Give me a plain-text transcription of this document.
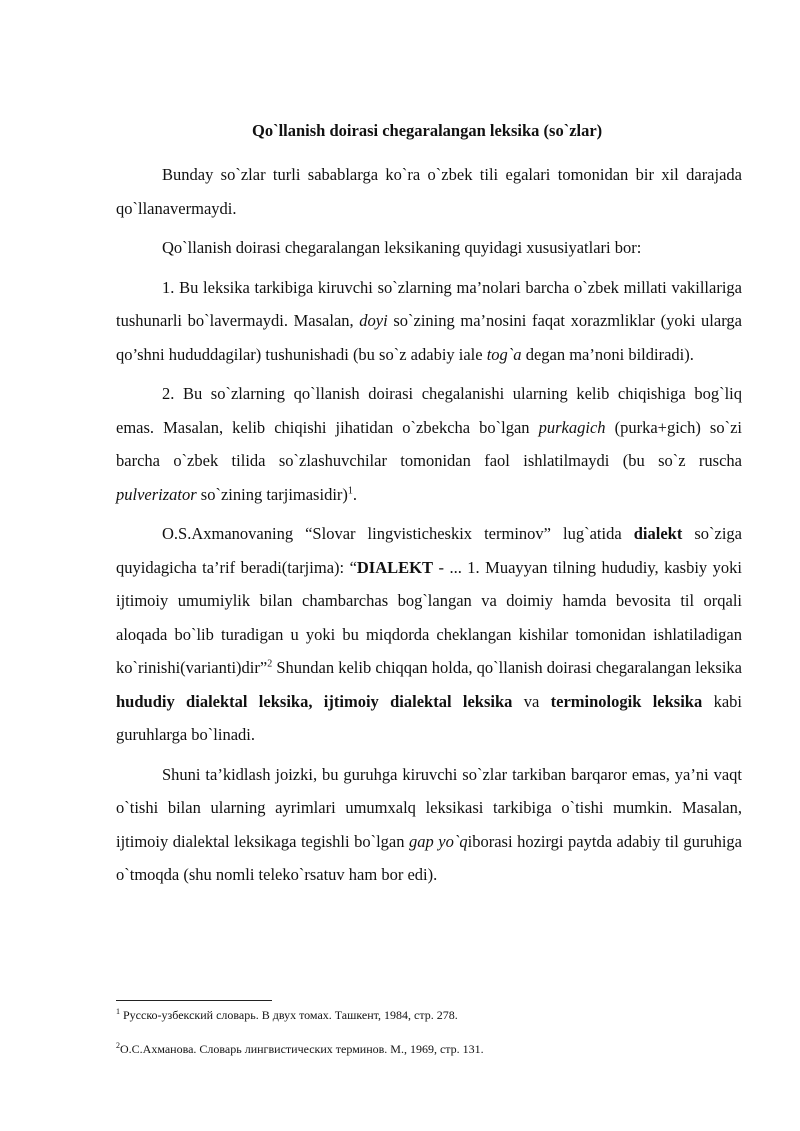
Qo`llanish doirasi chegaralangan leksika (so`zlar)

Bunday so`zlar turli sabablarga ko`ra o`zbek tili egalari tomonidan bir xil darajada qo`llanavermaydi.

Qo`llanish doirasi chegaralangan leksikaning quyidagi xususiyatlari bor:

1. Bu leksika tarkibiga kiruvchi so`zlarning ma’nolari barcha o`zbek millati vakillariga tushunarli bo`lavermaydi. Masalan, doyi so`zining ma’nosini faqat xorazmliklar (yoki ularga qo’shni hududdagilar) tushunishadi (bu so`z adabiy iale tog`a degan ma’noni bildiradi).

2. Bu so`zlarning qo`llanish doirasi chegalanishi ularning kelib chiqishiga bog`liq emas. Masalan, kelib chiqishi jihatidan o`zbekcha bo`lgan purkagich (purka+gich) so`zi barcha o`zbek tilida so`zlashuvchilar tomonidan faol ishlatilmaydi (bu so`z ruscha pulverizator so`zining tarjimasidir)$^1$.

O.S.Axmanovaning “Slovar lingvisticheskix terminov” lug`atida dialekt so`ziga quyidagicha ta’rif beradi(tarjima): “DIALEKT - ... 1. Muayyan tilning hududiy, kasbiy yoki ijtimoiy umumiylik bilan chambarchas bog`langan va doimiy hamda bevosita til orqali aloqada bo`lib turadigan u yoki bu miqdorda cheklangan kishilar tomonidan ishlatiladigan ko`rinishi(varianti)dir”$^2$ Shundan kelib chiqqan holda, qo`llanish doirasi chegaralangan leksika hududiy dialektal leksika, ijtimoiy dialektal leksika va terminologik leksika kabi guruhlarga bo`linadi.

Shuni ta’kidlash joizki, bu guruhga kiruvchi so`zlar tarkiban barqaror emas, ya’ni vaqt o`tishi bilan ularning ayrimlari umumxalq leksikasi tarkibiga o`tishi mumkin. Masalan, ijtimoiy dialektal leksikaga tegishli bo`lgan gap yo`qiborasi hozirgi paytda adabiy til guruhiga o`tmoqda (shu nomli teleko`rsatuv ham bor edi).

$^1$ Русско-узбекский словарь. В двух томах. Ташкент, 1984, стр. 278.
$^2$О.С.Ахманова. Словарь лингвистических терминов. М., 1969, стр. 131.
